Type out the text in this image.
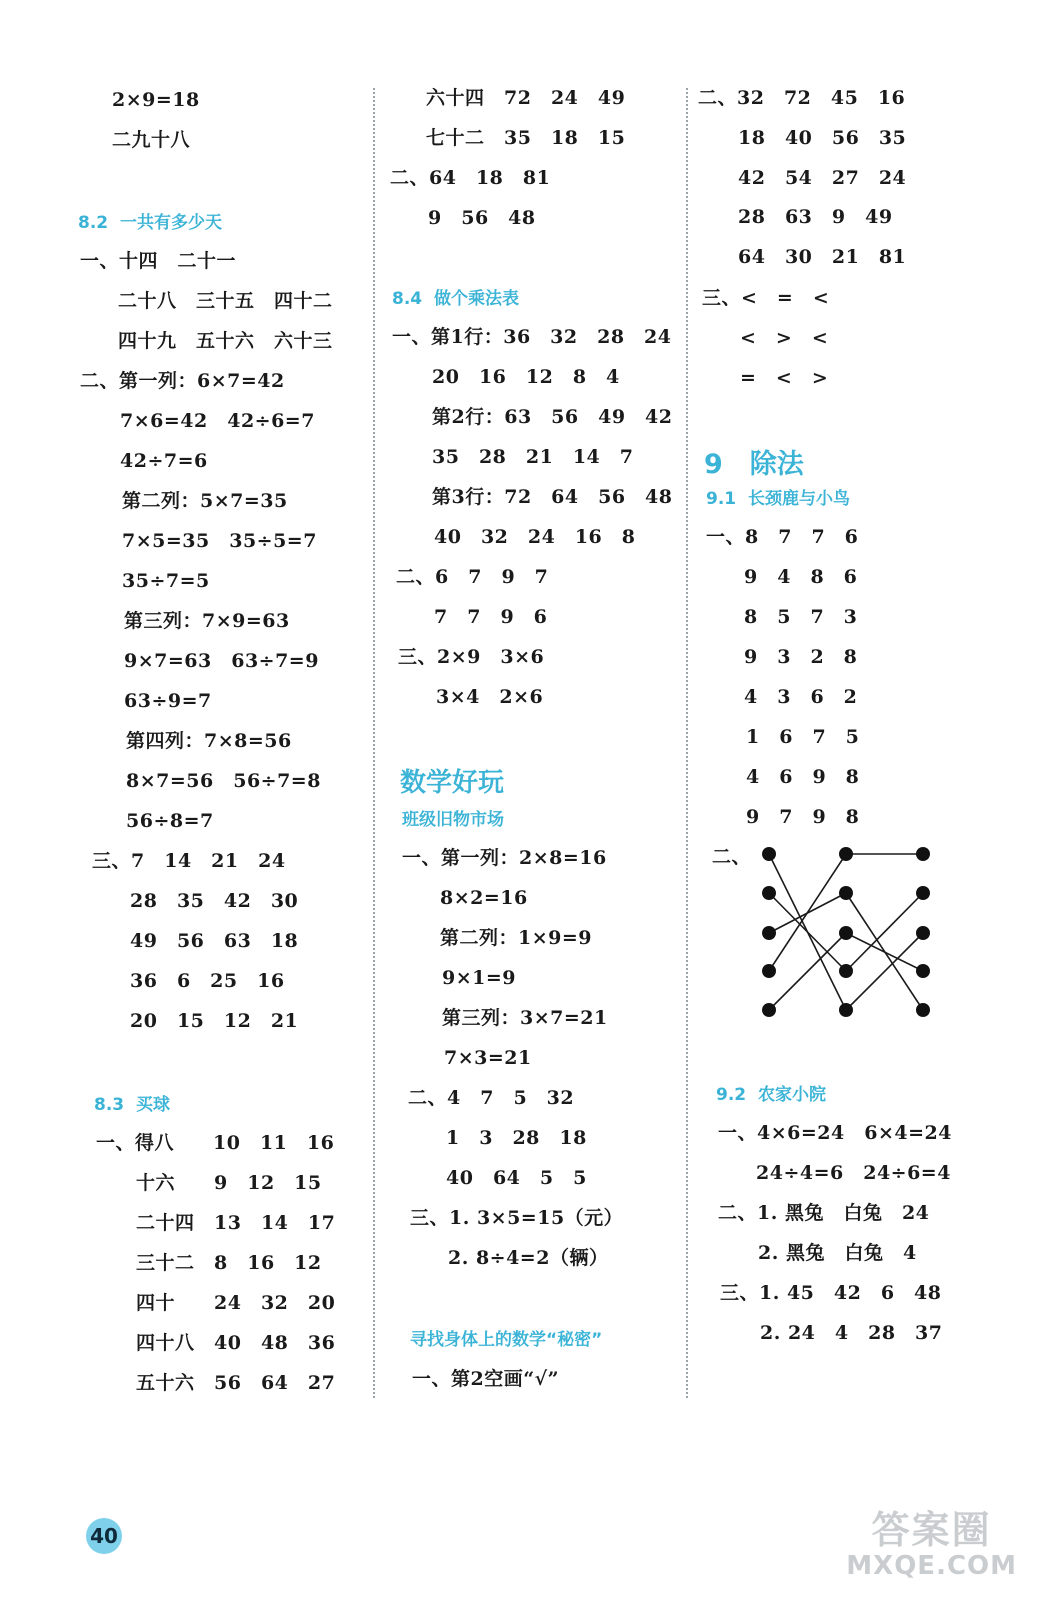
2×9=18
二九十八
8.2  一共有多少天
一、十四　二十一
二十八　三十五　四十二
四十九　五十六　六十三
二、第一列：6×7=42
7×6=42　42÷6=7
42÷7=6
第二列：5×7=35
7×5=35　35÷5=7
35÷7=5
第三列：7×9=63
9×7=63　63÷7=9
63÷9=7
第四列：7×8=56
8×7=56　56÷7=8
56÷8=7
三、7　14　21　24
28　35　42　30
49　56　63　18
36　6　25　16
20　15　12　21
8.3  买球
一、得八　　10　11　16
十六　　9　12　15
二十四　13　14　17
三十二　8　16　12
四十　　24　32　20
四十八　40　48　36
五十六　56　64　27
六十四　72　24　49
七十二　35　18　15
二、64　18　81
9　56　48
8.4  做个乘法表
一、第1行：36　32　28　24
20　16　12　8　4
第2行：63　56　49　42
35　28　21　14　7
第3行：72　64　56　48
40　32　24　16　8
二、6　7　9　7
7　7　9　6
三、2×9　3×6
3×4　2×6
数学好玩
班级旧物市场
一、第一列：2×8=16
8×2=16
第二列：1×9=9
9×1=9
第三列：3×7=21
7×3=21
二、4　7　5　32
1　3　28　18
40　64　5　5
三、1. 3×5=15（元）
2. 8÷4=2（辆）
寻找身体上的数学“秘密”
一、第2空画“√”
二、32　72　45　16
18　40　56　35
42　54　27　24
28　63　9　49
64　30　21　81
三、<　=　<
<　>　<
=　<　>
9　除法
9.1  长颈鹿与小鸟
一、8　7　7　6
9　4　8　6
8　5　7　3
9　3　2　8
4　3　6　2
1　6　7　5
4　6　9　8
9　7　9　8
二、
9.2  农家小院
一、4×6=24　6×4=24
24÷4=6　24÷6=4
二、1. 黑兔　白兔　24
2. 黑兔　白兔　4
三、1. 45　42　6　48
2. 24　4　28　37
40	答案圈
MXQE.COM
